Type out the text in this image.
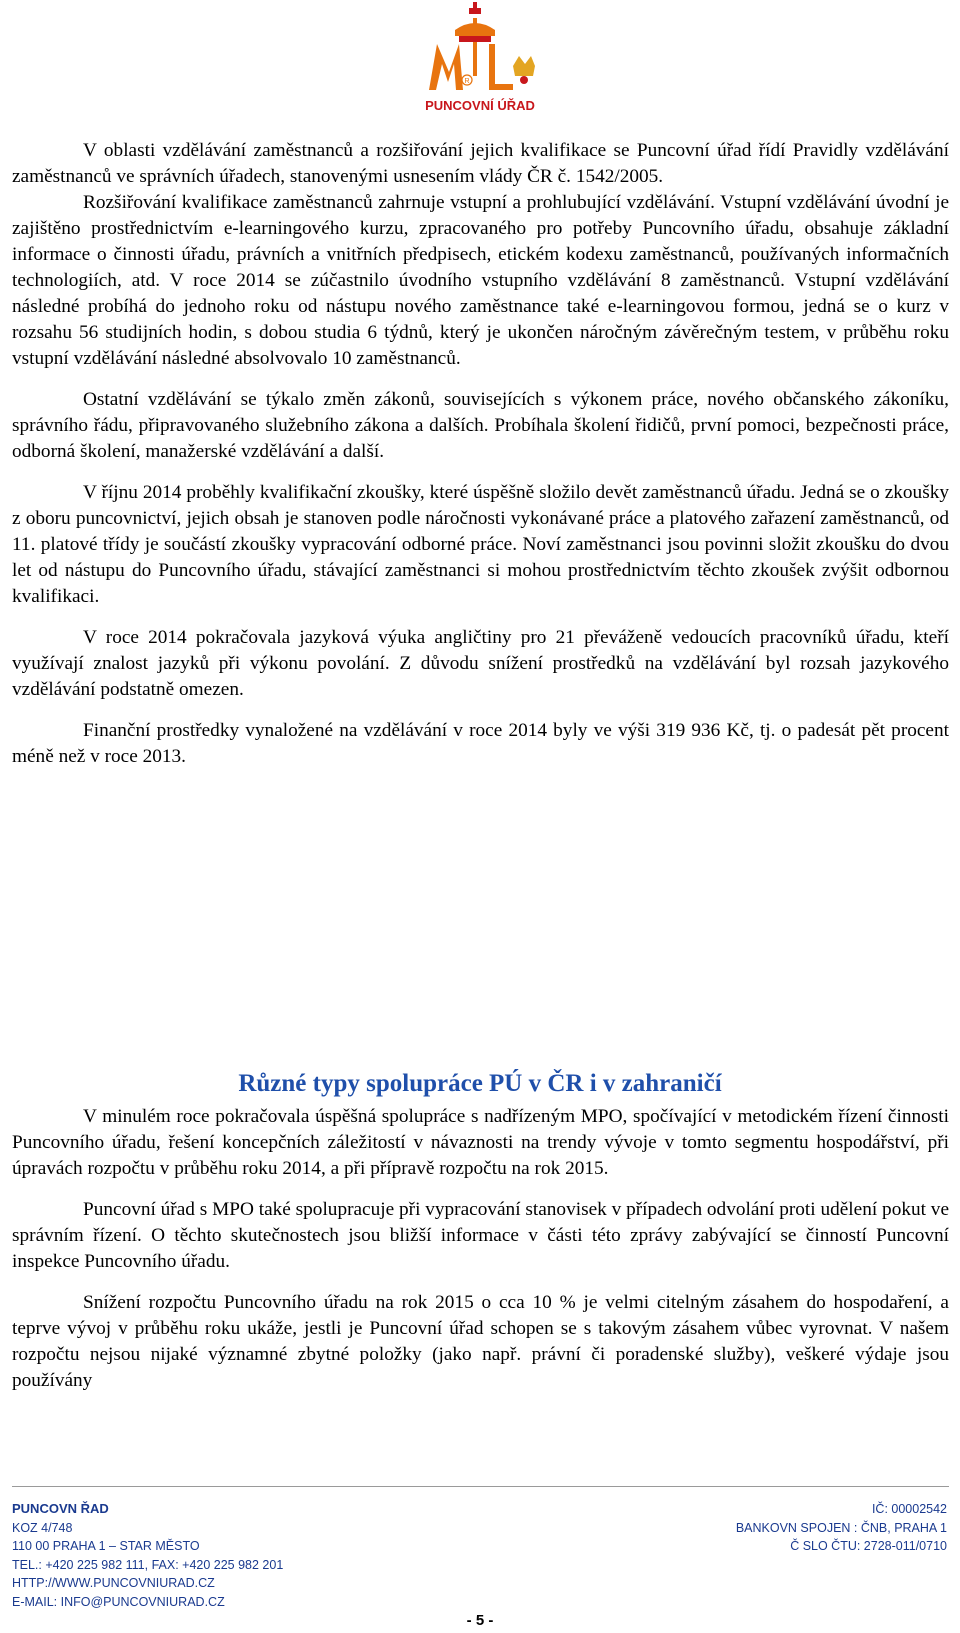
R
PUNCOVNÍ ÚŘAD

V oblasti vzdělávání zaměstnanců a rozšiřování jejich kvalifikace se Puncovní úřad řídí Pravidly vzdělávání zaměstnanců ve správních úřadech, stanovenými usnesením vlády ČR č. 1542/2005.

Rozšiřování kvalifikace zaměstnanců zahrnuje vstupní a prohlubující vzdělávání. Vstupní vzdělávání úvodní je zajištěno prostřednictvím e-learningového kurzu, zpracovaného pro potřeby Puncovního úřadu, obsahuje základní informace o činnosti úřadu, právních a vnitřních předpisech, etickém kodexu zaměstnanců, používaných informačních technologiích, atd. V roce 2014 se zúčastnilo úvodního vstupního vzdělávání 8 zaměstnanců. Vstupní vzdělávání následné probíhá do jednoho roku od nástupu nového zaměstnance také e-learningovou formou, jedná se o kurz v rozsahu 56 studijních hodin, s dobou studia 6 týdnů, který je ukončen náročným závěrečným testem, v průběhu roku vstupní vzdělávání následné absolvovalo 10 zaměstnanců.

Ostatní vzdělávání se týkalo změn zákonů, souvisejících s výkonem práce, nového občanského zákoníku, správního řádu, připravovaného služebního zákona a dalších. Probíhala školení řidičů, první pomoci, bezpečnosti práce, odborná školení, manažerské vzdělávání a další.

V říjnu 2014 proběhly kvalifikační zkoušky, které úspěšně složilo devět zaměstnanců úřadu. Jedná se o zkoušky z oboru puncovnictví, jejich obsah je stanoven podle náročnosti vykonávané práce a platového zařazení zaměstnanců, od 11. platové třídy je součástí zkoušky vypracování odborné práce. Noví zaměstnanci jsou povinni složit zkoušku do dvou let od nástupu do Puncovního úřadu, stávající zaměstnanci si mohou prostřednictvím těchto zkoušek zvýšit odbornou kvalifikaci.

V roce 2014 pokračovala jazyková výuka angličtiny pro 21 převáženě vedoucích pracovníků úřadu, kteří využívají znalost jazyků při výkonu povolání. Z důvodu snížení prostředků na vzdělávání byl rozsah jazykového vzdělávání podstatně omezen.

Finanční prostředky vynaložené na vzdělávání v roce 2014 byly ve výši 319 936 Kč, tj. o padesát pět procent méně než v roce 2013.

Různé typy spolupráce PÚ v ČR i v zahraničí

V minulém roce pokračovala úspěšná spolupráce s nadřízeným MPO, spočívající v metodickém řízení činnosti Puncovního úřadu, řešení koncepčních záležitostí v návaznosti na trendy vývoje v tomto segmentu hospodářství, při úpravách rozpočtu v průběhu roku 2014, a při přípravě rozpočtu na rok 2015.

Puncovní úřad s MPO také spolupracuje při vypracování stanovisek v případech odvolání proti udělení pokut ve správním řízení. O těchto skutečnostech jsou bližší informace v části této zprávy zabývající se činností Puncovní inspekce Puncovního úřadu.

Snížení rozpočtu Puncovního úřadu na rok 2015 o cca 10 % je velmi citelným zásahem do hospodaření, a teprve vývoj v průběhu roku ukáže, jestli je Puncovní úřad schopen se s takovým zásahem vůbec vyrovnat. V našem rozpočtu nejsou nijaké významné zbytné položky (jako např. právní či poradenské služby), veškeré výdaje jsou používány

PUNCOVN ŘAD
KOZ 4/748
110 00 PRAHA 1 – STAR MĚSTO
TEL.: +420 225 982 111, FAX: +420 225 982 201
HTTP://WWW.PUNCOVNIURAD.CZ
E-MAIL: INFO@PUNCOVNIURAD.CZ
IČ: 00002542
BANKOVN SPOJEN : ČNB, PRAHA 1
Č SLO ČTU: 2728-011/0710
- 5 -
